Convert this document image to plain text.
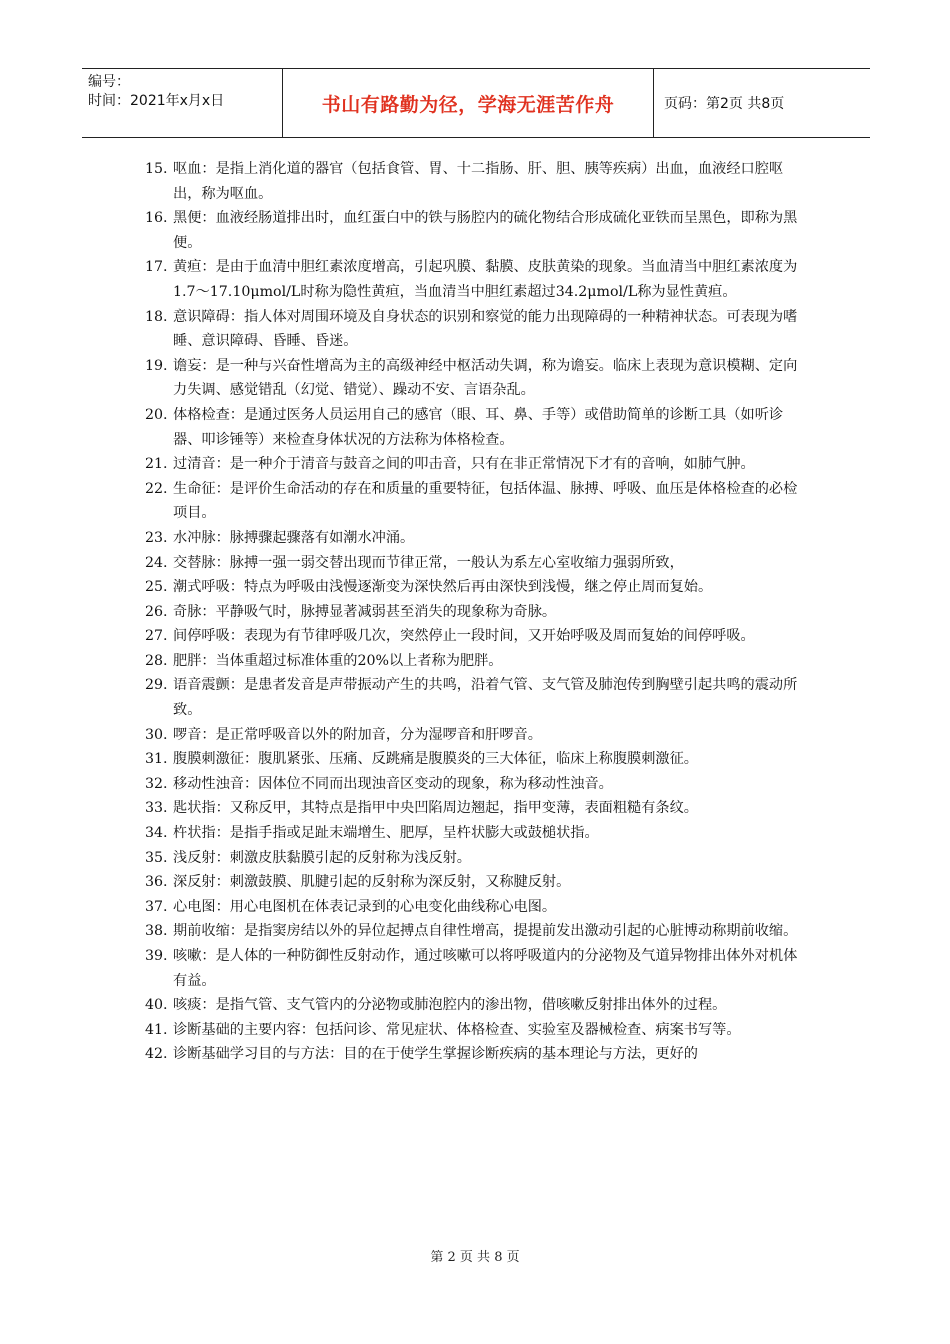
编号：
时间：2021年x月x日	书山有路勤为径，学海无涯苦作舟	页码：第2页 共8页
15. 呕血：是指上消化道的器官（包括食管、胃、十二指肠、肝、胆、胰等疾病）出血，血液经口腔呕出，称为呕血。
16. 黑便：血液经肠道排出时，血红蛋白中的铁与肠腔内的硫化物结合形成硫化亚铁而呈黑色，即称为黑便。
17. 黄疸：是由于血清中胆红素浓度增高，引起巩膜、黏膜、皮肤黄染的现象。当血清当中胆红素浓度为1.7～17.10μmol/L时称为隐性黄疸，当血清当中胆红素超过34.2μmol/L称为显性黄疸。
18. 意识障碍：指人体对周围环境及自身状态的识别和察觉的能力出现障碍的一种精神状态。可表现为嗜睡、意识障碍、昏睡、昏迷。
19. 谵妄：是一种与兴奋性增高为主的高级神经中枢活动失调，称为谵妄。临床上表现为意识模糊、定向力失调、感觉错乱（幻觉、错觉）、躁动不安、言语杂乱。
20. 体格检查：是通过医务人员运用自己的感官（眼、耳、鼻、手等）或借助简单的诊断工具（如听诊器、叩诊锤等）来检查身体状况的方法称为体格检查。
21. 过清音：是一种介于清音与鼓音之间的叩击音，只有在非正常情况下才有的音响，如肺气肿。
22. 生命征：是评价生命活动的存在和质量的重要特征，包括体温、脉搏、呼吸、血压是体格检查的必检项目。
23. 水冲脉：脉搏骤起骤落有如潮水冲涌。
24. 交替脉：脉搏一强一弱交替出现而节律正常，一般认为系左心室收缩力强弱所致，
25. 潮式呼吸：特点为呼吸由浅慢逐渐变为深快然后再由深快到浅慢，继之停止周而复始。
26. 奇脉：平静吸气时，脉搏显著减弱甚至消失的现象称为奇脉。
27. 间停呼吸：表现为有节律呼吸几次，突然停止一段时间，又开始呼吸及周而复始的间停呼吸。
28. 肥胖：当体重超过标准体重的20%以上者称为肥胖。
29. 语音震颤：是患者发音是声带振动产生的共鸣，沿着气管、支气管及肺泡传到胸壁引起共鸣的震动所致。
30. 啰音：是正常呼吸音以外的附加音，分为湿啰音和肝啰音。
31. 腹膜刺激征：腹肌紧张、压痛、反跳痛是腹膜炎的三大体征，临床上称腹膜刺激征。
32. 移动性浊音：因体位不同而出现浊音区变动的现象，称为移动性浊音。
33. 匙状指：又称反甲，其特点是指甲中央凹陷周边翘起，指甲变薄，表面粗糙有条纹。
34. 杵状指：是指手指或足趾末端增生、肥厚，呈杵状膨大或鼓槌状指。
35. 浅反射：刺激皮肤黏膜引起的反射称为浅反射。
36. 深反射：刺激鼓膜、肌腱引起的反射称为深反射，又称腱反射。
37. 心电图：用心电图机在体表记录到的心电变化曲线称心电图。
38. 期前收缩：是指窦房结以外的异位起搏点自律性增高，提提前发出激动引起的心脏博动称期前收缩。
39. 咳嗽：是人体的一种防御性反射动作，通过咳嗽可以将呼吸道内的分泌物及气道异物排出体外对机体有益。
40. 咳痰：是指气管、支气管内的分泌物或肺泡腔内的渗出物，借咳嗽反射排出体外的过程。
41. 诊断基础的主要内容：包括问诊、常见症状、体格检查、实验室及器械检查、病案书写等。
42. 诊断基础学习目的与方法：目的在于使学生掌握诊断疾病的基本理论与方法，更好的
第 2 页 共 8 页
